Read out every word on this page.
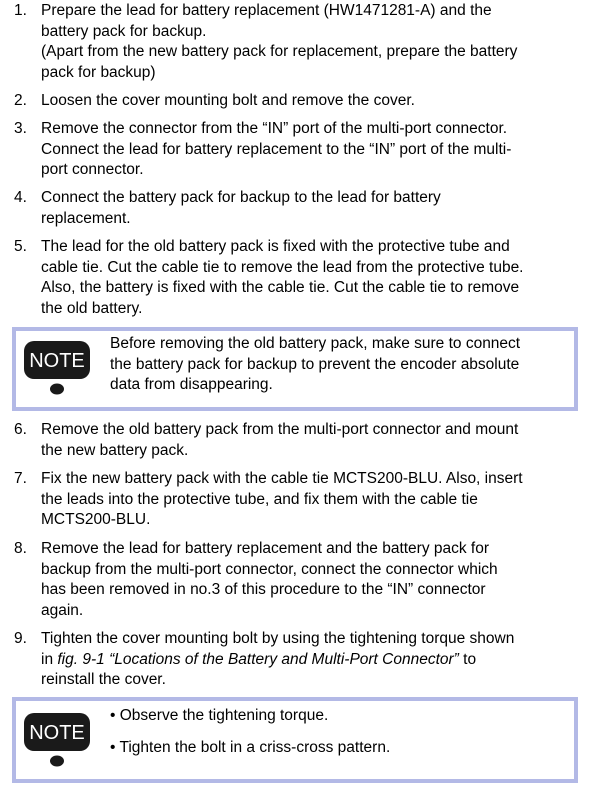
1. Prepare the lead for battery replacement (HW1471281-A) and the
battery pack for backup.
(Apart from the new battery pack for replacement, prepare the battery
pack for backup)
2. Loosen the cover mounting bolt and remove the cover.
3. Remove the connector from the “IN” port of the multi-port connector.
Connect the lead for battery replacement to the “IN” port of the multi-
port connector.
4. Connect the battery pack for backup to the lead for battery
replacement.
5. The lead for the old battery pack is fixed with the protective tube and
cable tie. Cut the cable tie to remove the lead from the protective tube.
Also, the battery is fixed with the cable tie. Cut the cable tie to remove
the old battery.
NOTE
Before removing the old battery pack, make sure to connect
the battery pack for backup to prevent the encoder absolute
data from disappearing.
6. Remove the old battery pack from the multi-port connector and mount
the new battery pack.
7. Fix the new battery pack with the cable tie MCTS200-BLU. Also, insert
the leads into the protective tube, and fix them with the cable tie
MCTS200-BLU.
8. Remove the lead for battery replacement and the battery pack for
backup from the multi-port connector, connect the connector which
has been removed in no.3 of this procedure to the “IN” connector
again.
9. Tighten the cover mounting bolt by using the tightening torque shown
in fig. 9-1 “Locations of the Battery and Multi-Port Connector” to
reinstall the cover.
NOTE
• Observe the tightening torque.
• Tighten the bolt in a criss-cross pattern.
